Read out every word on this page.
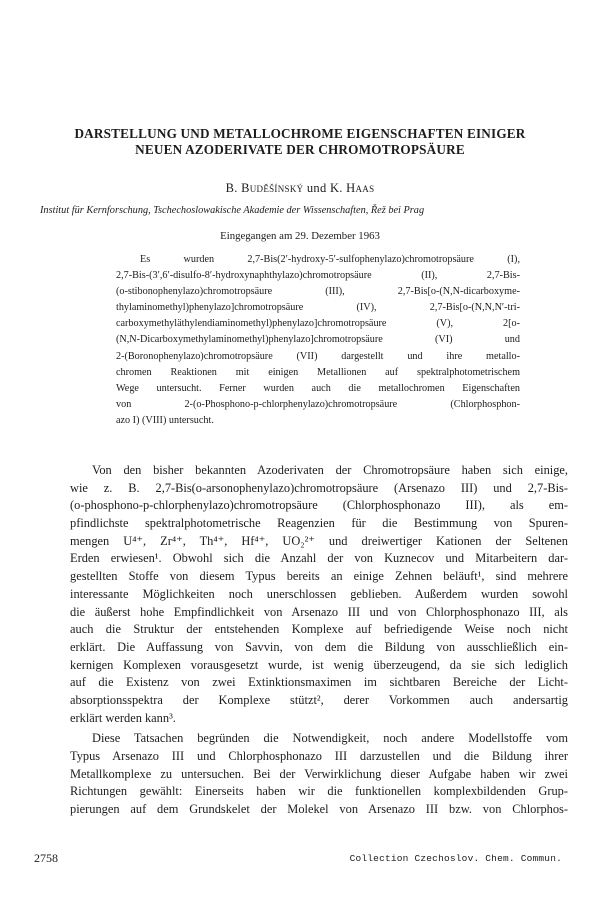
DARSTELLUNG UND METALLOCHROME EIGENSCHAFTEN EINIGER
NEUEN AZODERIVATE DER CHROMOTROPSÄURE
B. Buděšínský und K. Haas
Institut für Kernforschung, Tschechoslowakische Akademie der Wissenschaften, Řež bei Prag
Eingegangen am 29. Dezember 1963
Es wurden 2,7-Bis(2′-hydroxy-5′-sulfophenylazo)chromotropsäure (I),
2,7-Bis-(3′,6′-disulfo-8′-hydroxynaphthylazo)chromotropsäure (II), 2,7-Bis-
(o-stibonophenylazo)chromotropsäure (III), 2,7-Bis[o-(N,N-dicarboxyme-
thylaminomethyl)phenylazo]chromotropsäure (IV), 2,7-Bis[o-(N,N,N′-tri-
carboxymethyläthylendiaminomethyl)phenylazo]chromotropsäure (V), 2[o-
(N,N-Dicarboxymethylaminomethyl)phenylazo]chromotropsäure (VI) und
2-(Boronophenylazo)chromotropsäure (VII) dargestellt und ihre metallo-
chromen Reaktionen mit einigen Metallionen auf spektralphotometrischem
Wege untersucht. Ferner wurden auch die metallochromen Eigenschaften
von 2-(o-Phosphono-p-chlorphenylazo)chromotropsäure (Chlorphosphon-
azo I) (VIII) untersucht.
Von den bisher bekannten Azoderivaten der Chromotropsäure haben sich einige,
wie z. B. 2,7-Bis(o-arsonophenylazo)chromotropsäure (Arsenazo III) und 2,7-Bis-
(o-phosphono-p-chlorphenylazo)chromotropsäure (Chlorphosphonazo III), als em-
pfindlichste spektralphotometrische Reagenzien für die Bestimmung von Spuren-
mengen U⁴⁺, Zr⁴⁺, Th⁴⁺, Hf⁴⁺, UO₂²⁺ und dreiwertiger Kationen der Seltenen
Erden erwiesen¹. Obwohl sich die Anzahl der von Kuznecov und Mitarbeitern dar-
gestellten Stoffe von diesem Typus bereits an einige Zehnen beläuft¹, sind mehrere
interessante Möglichkeiten noch unerschlossen geblieben. Außerdem wurden sowohl
die äußerst hohe Empfindlichkeit von Arsenazo III und von Chlorphosphonazo III, als
auch die Struktur der entstehenden Komplexe auf befriedigende Weise noch nicht
erklärt. Die Auffassung von Savvin, von dem die Bildung von ausschließlich ein-
kernigen Komplexen vorausgesetzt wurde, ist wenig überzeugend, da sie sich lediglich
auf die Existenz von zwei Extinktionsmaximen im sichtbaren Bereiche der Licht-
absorptionsspektra der Komplexe stützt², derer Vorkommen auch andersartig
erklärt werden kann³.
Diese Tatsachen begründen die Notwendigkeit, noch andere Modellstoffe vom
Typus Arsenazo III und Chlorphosphonazo III darzustellen und die Bildung ihrer
Metallkomplexe zu untersuchen. Bei der Verwirklichung dieser Aufgabe haben wir zwei
Richtungen gewählt: Einerseits haben wir die funktionellen komplexbildenden Grup-
pierungen auf dem Grundskelet der Molekel von Arsenazo III bzw. von Chlorphos-
2758	Collection Czechoslov. Chem. Commun.
